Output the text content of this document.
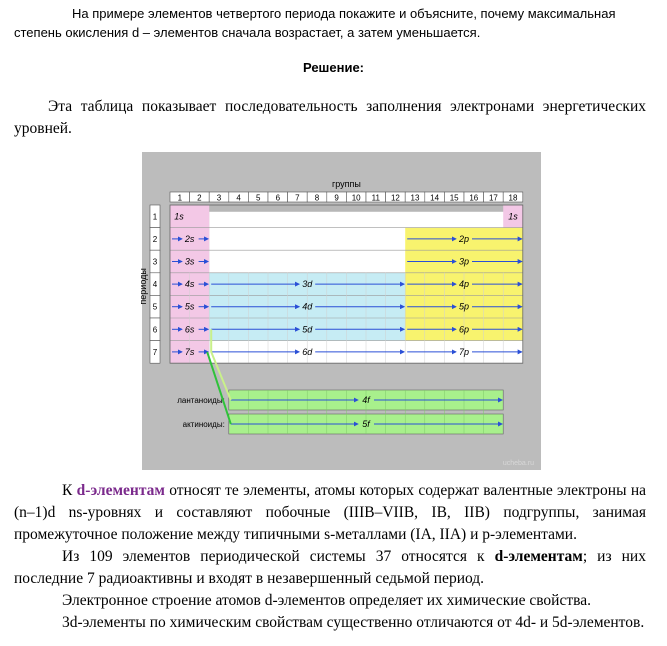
На примере элементов четвертого периода покажите и объясните, почему максимальная
степень окисления d – элементов сначала возрастает, а затем уменьшается.
Решение:
Эта таблица показывает последовательность заполнения электронами энергетических уровней.
группы
1 2 3 4 5 6 7 8 9 10 11 12 13 14 15 16 17 18
1
2
3
4
5
6
7
периоды
1s	1s
2s
3s
4s
5s
6s
7s
3d
4d
5d
6d
2p
3p
4p
5p
6p
7p
лантаноиды:
актиноиды:
4f
5f
ucheba.ru

К d-элементам относят те элементы, атомы которых содержат валентные электроны на (n–1)d ns-уровнях и составляют побочные (IIIB–VIIB, IB, IIB) подгруппы, занимая промежуточное положение между типичными s-металлами (IA, IIA) и p-элементами.

Из 109 элементов периодической системы 37 относятся к d-элементам; из них последние 7 радиоактивны и входят в незавершенный седьмой период.

Электронное строение атомов d-элементов определяет их химические свойства.

3d-элементы по химическим свойствам существенно отличаются от 4d- и 5d-элементов.
